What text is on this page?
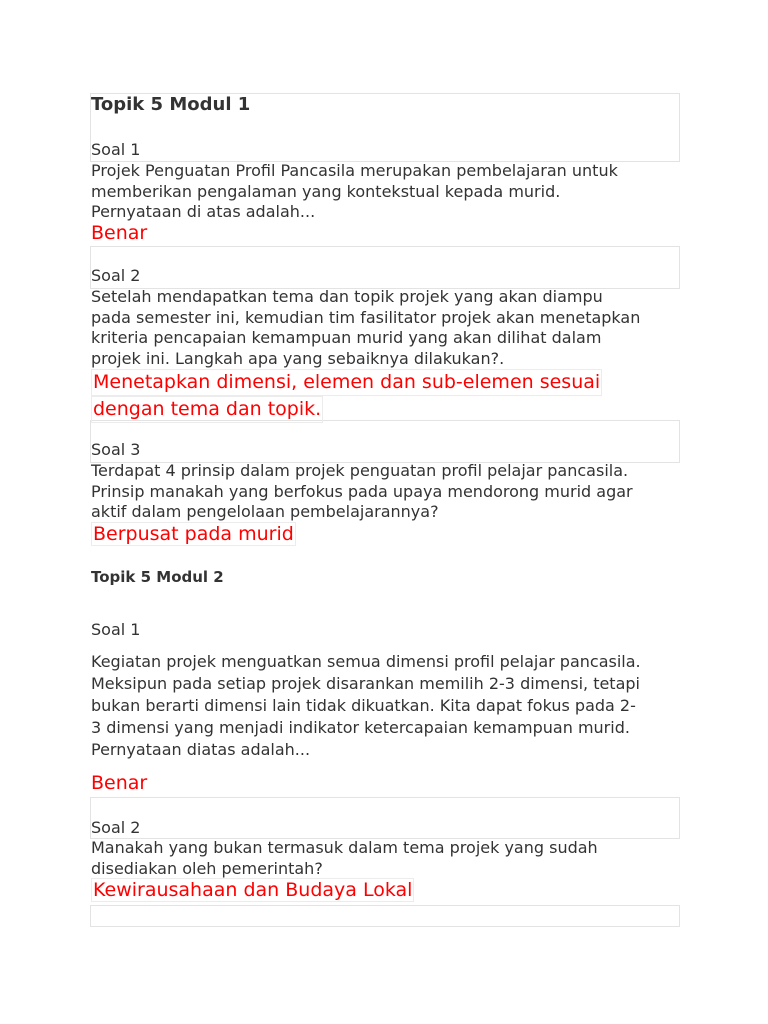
Topik 5 Modul 1
Soal 1
Projek Penguatan Profil Pancasila merupakan pembelajaran untuk
memberikan pengalaman yang kontekstual kepada murid.
Pernyataan di atas adalah...
Benar
Soal 2
Setelah mendapatkan tema dan topik projek yang akan diampu
pada semester ini, kemudian tim fasilitator projek akan menetapkan
kriteria pencapaian kemampuan murid yang akan dilihat dalam
projek ini. Langkah apa yang sebaiknya dilakukan?.
Menetapkan dimensi, elemen dan sub-elemen sesuai
dengan tema dan topik.
Soal 3
Terdapat 4 prinsip dalam projek penguatan profil pelajar pancasila.
Prinsip manakah yang berfokus pada upaya mendorong murid agar
aktif dalam pengelolaan pembelajarannya?
Berpusat pada murid
Topik 5 Modul 2
Soal 1
Kegiatan projek menguatkan semua dimensi profil pelajar pancasila.
Meksipun pada setiap projek disarankan memilih 2-3 dimensi, tetapi
bukan berarti dimensi lain tidak dikuatkan. Kita dapat fokus pada 2-
3 dimensi yang menjadi indikator ketercapaian kemampuan murid.
Pernyataan diatas adalah...
Benar
Soal 2
Manakah yang bukan termasuk dalam tema projek yang sudah
disediakan oleh pemerintah?
Kewirausahaan dan Budaya Lokal
